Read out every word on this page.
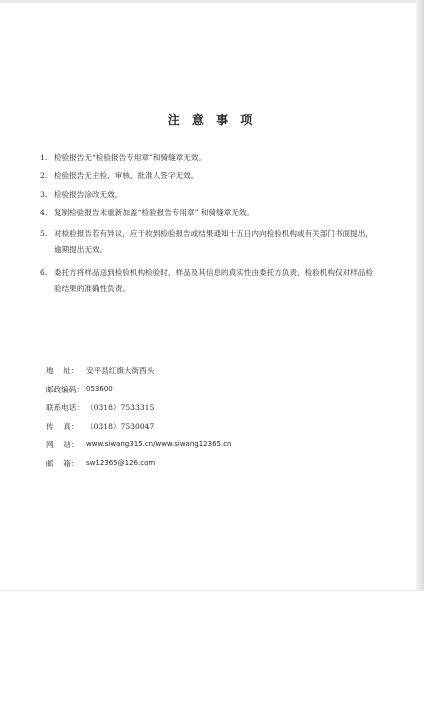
注 意 事 项
1. 检验报告无“检验报告专用章”和骑缝章无效。
2. 检验报告无主检、审核、批准人签字无效。
3. 检验报告涂改无效。
4. 复制检验报告未重新加盖“检验报告专用章” 和骑缝章无效。
5. 对检验报告若有异议，应于收到检验报告或结果通知十五日内向检验机构或有关部门书面提出，逾期提出无效。
6. 委托方将样品送到检验机构检验时，样品及其信息的真实性由委托方负责，检验机构仅对样品检验结果的准确性负责。
地    址： 安平县红旗大街西头
邮政编码： 053600
联系电话： （0318）7533315
传    真： （0318）7530047
网    站：	www.siwang315.cn/www.siwang12365.cn
邮    箱：	sw12365@126.com
